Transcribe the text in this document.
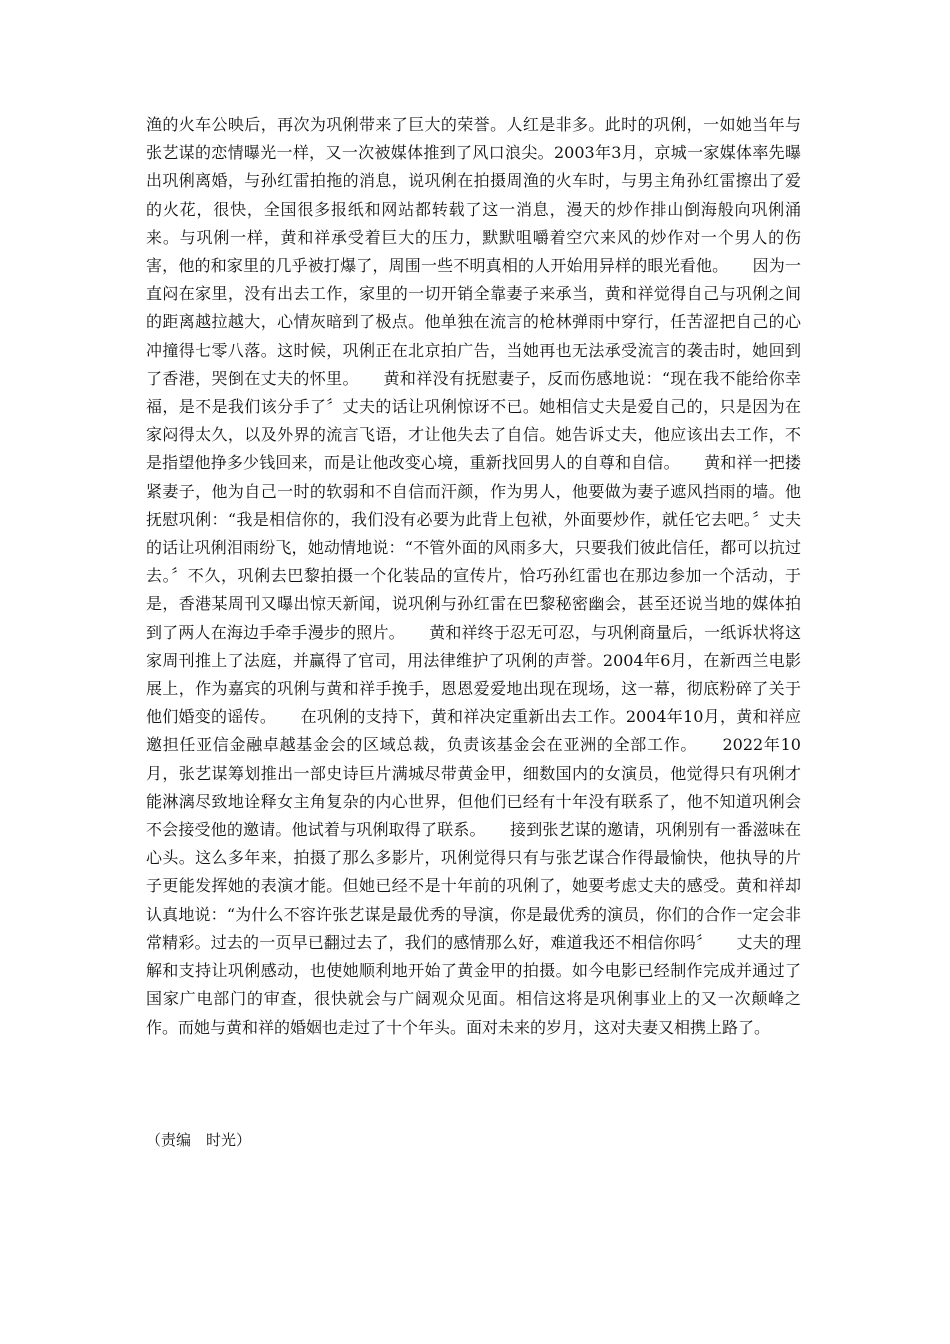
渔的火车公映后，再次为巩俐带来了巨大的荣誉。人红是非多。此时的巩俐，一如她当年与张艺谋的恋情曝光一样，又一次被媒体推到了风口浪尖。2003年3月，京城一家媒体率先曝出巩俐离婚，与孙红雷拍拖的消息，说巩俐在拍摄周渔的火车时，与男主角孙红雷擦出了爱的火花，很快，全国很多报纸和网站都转载了这一消息，漫天的炒作排山倒海般向巩俐涌来。与巩俐一样，黄和祥承受着巨大的压力，默默咀嚼着空穴来风的炒作对一个男人的伤害，他的和家里的几乎被打爆了，周围一些不明真相的人开始用异样的眼光看他。　　因为一直闷在家里，没有出去工作，家里的一切开销全靠妻子来承当，黄和祥觉得自己与巩俐之间的距离越拉越大，心情灰暗到了极点。他单独在流言的枪林弹雨中穿行，任苦涩把自己的心冲撞得七零八落。这时候，巩俐正在北京拍广告，当她再也无法承受流言的袭击时，她回到了香港，哭倒在丈夫的怀里。　　黄和祥没有抚慰妻子，反而伤感地说：“现在我不能给你幸福，是不是我们该分手了〞丈夫的话让巩俐惊讶不已。她相信丈夫是爱自己的，只是因为在家闷得太久，以及外界的流言飞语，才让他失去了自信。她告诉丈夫，他应该出去工作，不是指望他挣多少钱回来，而是让他改变心境，重新找回男人的自尊和自信。　　黄和祥一把搂紧妻子，他为自己一时的软弱和不自信而汗颜，作为男人，他要做为妻子遮风挡雨的墙。他抚慰巩俐：“我是相信你的，我们没有必要为此背上包袱，外面要炒作，就任它去吧。〞丈夫的话让巩俐泪雨纷飞，她动情地说：“不管外面的风雨多大，只要我们彼此信任，都可以抗过去。〞不久，巩俐去巴黎拍摄一个化装品的宣传片，恰巧孙红雷也在那边参加一个活动，于是，香港某周刊又曝出惊天新闻，说巩俐与孙红雷在巴黎秘密幽会，甚至还说当地的媒体拍到了两人在海边手牵手漫步的照片。　　黄和祥终于忍无可忍，与巩俐商量后，一纸诉状将这家周刊推上了法庭，并赢得了官司，用法律维护了巩俐的声誉。2004年6月，在新西兰电影展上，作为嘉宾的巩俐与黄和祥手挽手，恩恩爱爱地出现在现场，这一幕，彻底粉碎了关于他们婚变的谣传。　　在巩俐的支持下，黄和祥决定重新出去工作。2004年10月，黄和祥应邀担任亚信金融卓越基金会的区域总裁，负责该基金会在亚洲的全部工作。　　2022年10月，张艺谋筹划推出一部史诗巨片满城尽带黄金甲，细数国内的女演员，他觉得只有巩俐才能淋漓尽致地诠释女主角复杂的内心世界，但他们已经有十年没有联系了，他不知道巩俐会不会接受他的邀请。他试着与巩俐取得了联系。　　接到张艺谋的邀请，巩俐别有一番滋味在心头。这么多年来，拍摄了那么多影片，巩俐觉得只有与张艺谋合作得最愉快，他执导的片子更能发挥她的表演才能。但她已经不是十年前的巩俐了，她要考虑丈夫的感受。黄和祥却认真地说：“为什么不容许张艺谋是最优秀的导演，你是最优秀的演员，你们的合作一定会非常精彩。过去的一页早已翻过去了，我们的感情那么好，难道我还不相信你吗〞　　丈夫的理解和支持让巩俐感动，也使她顺利地开始了黄金甲的拍摄。如今电影已经制作完成并通过了国家广电部门的审查，很快就会与广阔观众见面。相信这将是巩俐事业上的又一次颠峰之作。而她与黄和祥的婚姻也走过了十个年头。面对未来的岁月，这对夫妻又相携上路了。

（责编　时光）
